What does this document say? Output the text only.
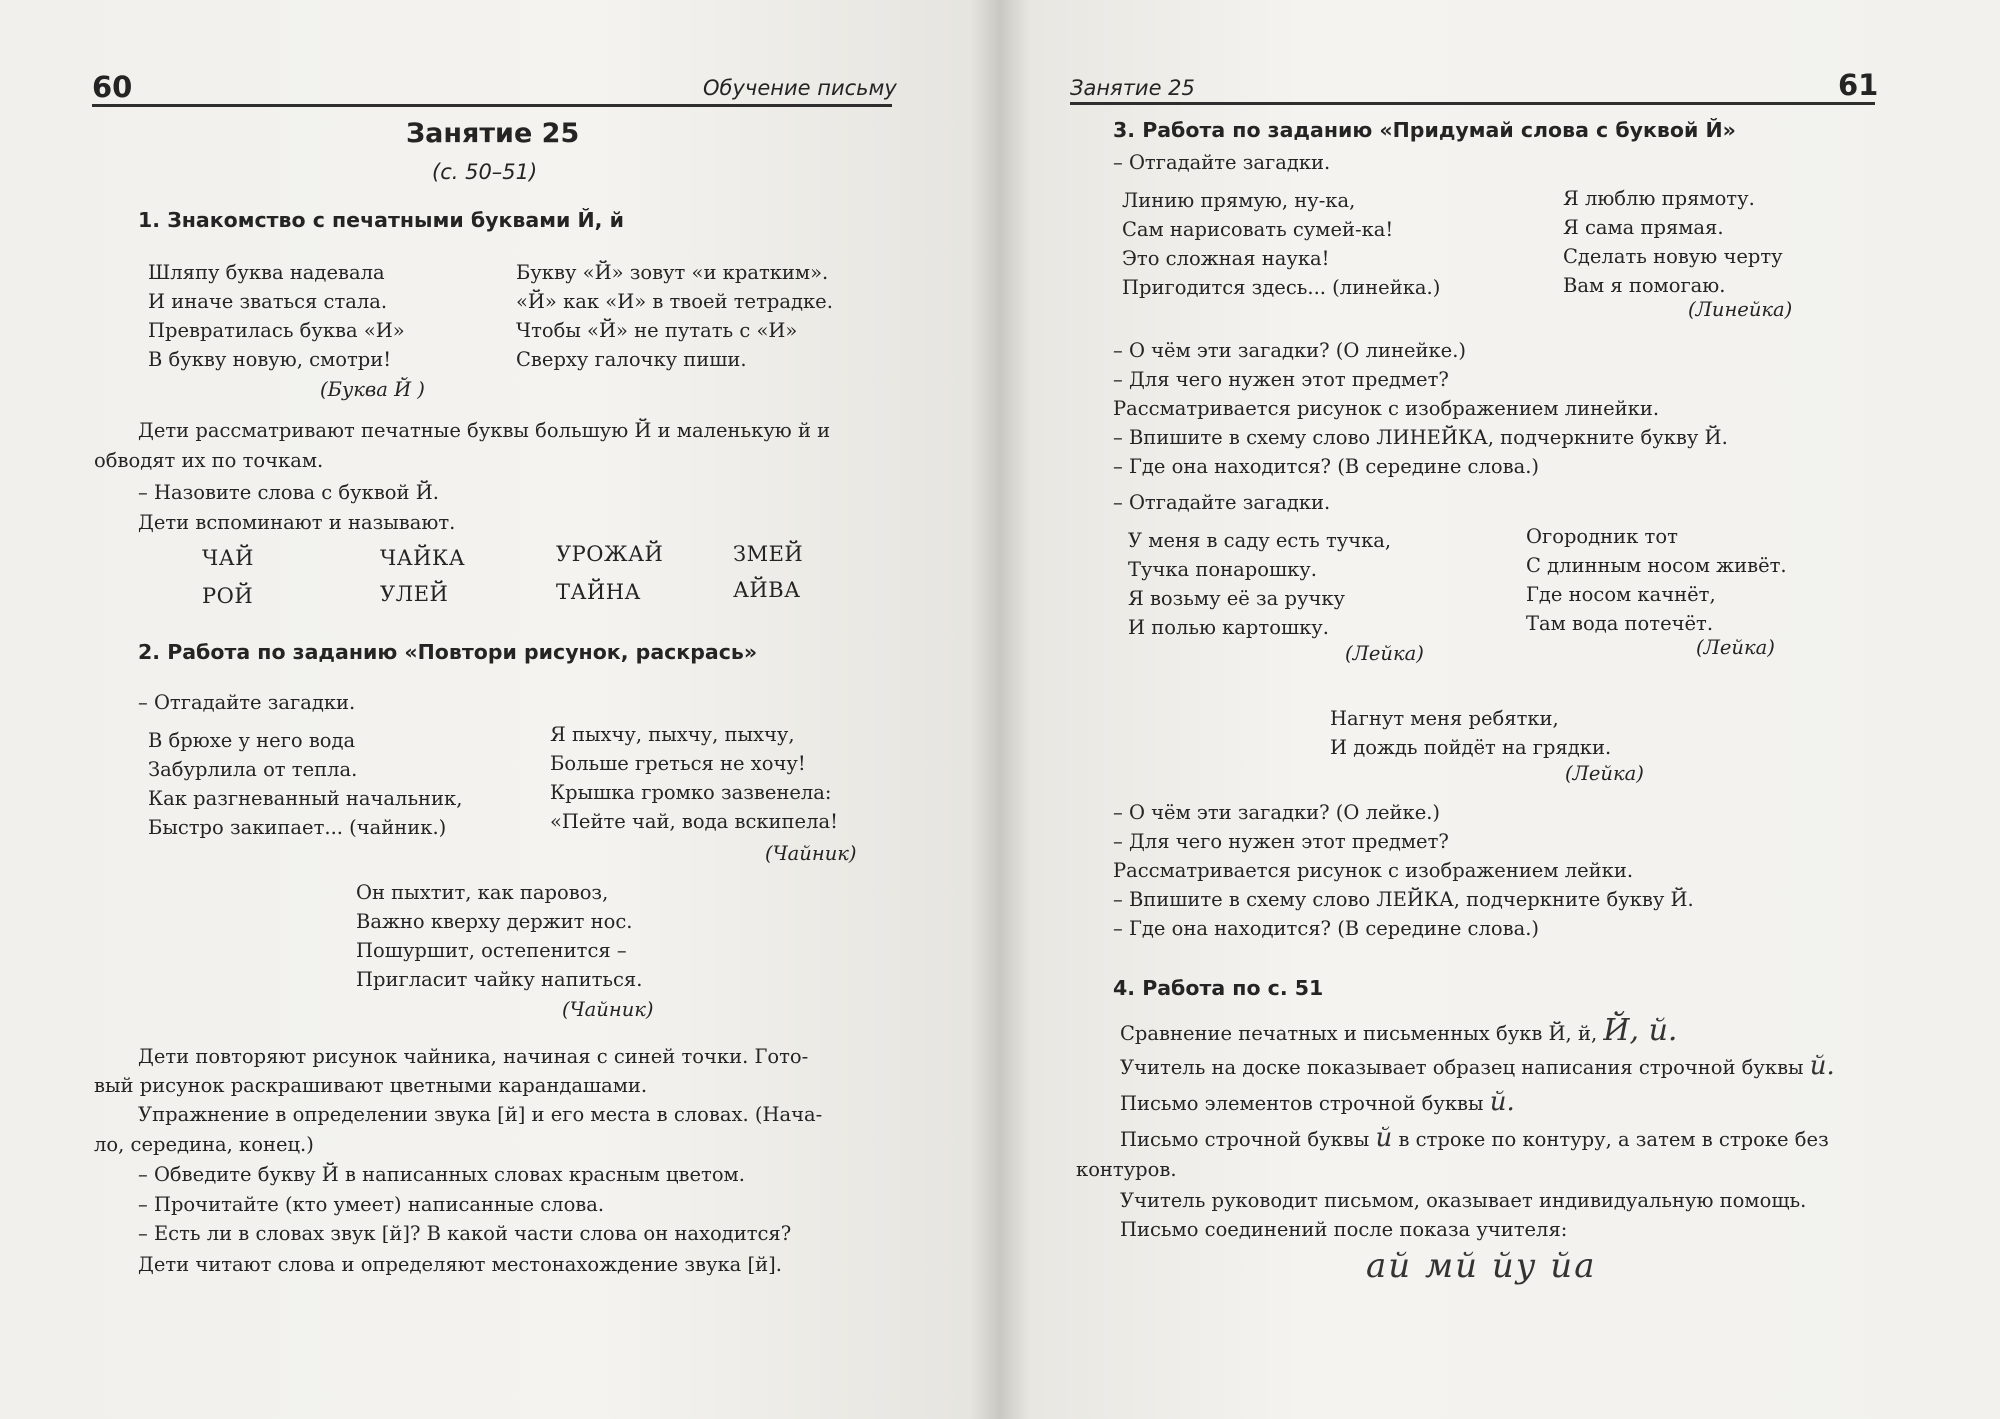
60	Обучение письму
Занятие 25
(с. 50–51)
1. Знакомство с печатными буквами Й, й
Шляпу буква надевала
И иначе зваться стала.
Превратилась буква «И»
В букву новую, смотри!
(Буква Й )
Букву «Й» зовут «и кратким».
«Й» как «И» в твоей тетрадке.
Чтобы «Й» не путать с «И»
Сверху галочку пиши.
Дети рассматривают печатные буквы большую Й и маленькую й и
обводят их по точкам.
– Назовите слова с буквой Й.
Дети вспоминают и называют.
ЧАЙ	ЧАЙКА	УРОЖАЙ	ЗМЕЙ
РОЙ	УЛЕЙ	ТАЙНА	АЙВА
2. Работа по заданию «Повтори рисунок, раскрась»
– Отгадайте загадки.
В брюхе у него вода
Забурлила от тепла.
Как разгневанный начальник,
Быстро закипает... (чайник.)
Я пыхчу, пыхчу, пыхчу,
Больше греться не хочу!
Крышка громко зазвенела:
«Пейте чай, вода вскипела!
(Чайник)
Он пыхтит, как паровоз,
Важно кверху держит нос.
Пошуршит, остепенится –
Пригласит чайку напиться.
(Чайник)
Дети повторяют рисунок чайника, начиная с синей точки. Гото-
вый рисунок раскрашивают цветными карандашами.
Упражнение в определении звука [й] и его места в словах. (Нача-
ло, середина, конец.)
– Обведите букву Й в написанных словах красным цветом.
– Прочитайте (кто умеет) написанные слова.
– Есть ли в словах звук [й]? В какой части слова он находится?
Дети читают слова и определяют местонахождение звука [й].
Занятие 25	61
3. Работа по заданию «Придумай слова с буквой Й»
– Отгадайте загадки.
Линию прямую, ну-ка,
Сам нарисовать сумей-ка!
Это сложная наука!
Пригодится здесь... (линейка.)
Я люблю прямоту.
Я сама прямая.
Сделать новую черту
Вам я помогаю.
(Линейка)
– О чём эти загадки? (О линейке.)
– Для чего нужен этот предмет?
Рассматривается рисунок с изображением линейки.
– Впишите в схему слово ЛИНЕЙКА, подчеркните букву Й.
– Где она находится? (В середине слова.)
– Отгадайте загадки.
У меня в саду есть тучка,
Тучка понарошку.
Я возьму её за ручку
И полью картошку.
(Лейка)
Огородник тот
С длинным носом живёт.
Где носом качнёт,
Там вода потечёт.
(Лейка)
Нагнут меня ребятки,
И дождь пойдёт на грядки.
(Лейка)
– О чём эти загадки? (О лейке.)
– Для чего нужен этот предмет?
Рассматривается рисунок с изображением лейки.
– Впишите в схему слово ЛЕЙКА, подчеркните букву Й.
– Где она находится? (В середине слова.)
4. Работа по с. 51
Сравнение печатных и письменных букв Й, й, Й, й.
Учитель на доске показывает образец написания строчной буквы й.
Письмо элементов строчной буквы й.
Письмо строчной буквы й в строке по контуру, а затем в строке без
контуров.
Учитель руководит письмом, оказывает индивидуальную помощь.
Письмо соединений после показа учителя:
ай мй йу йа
